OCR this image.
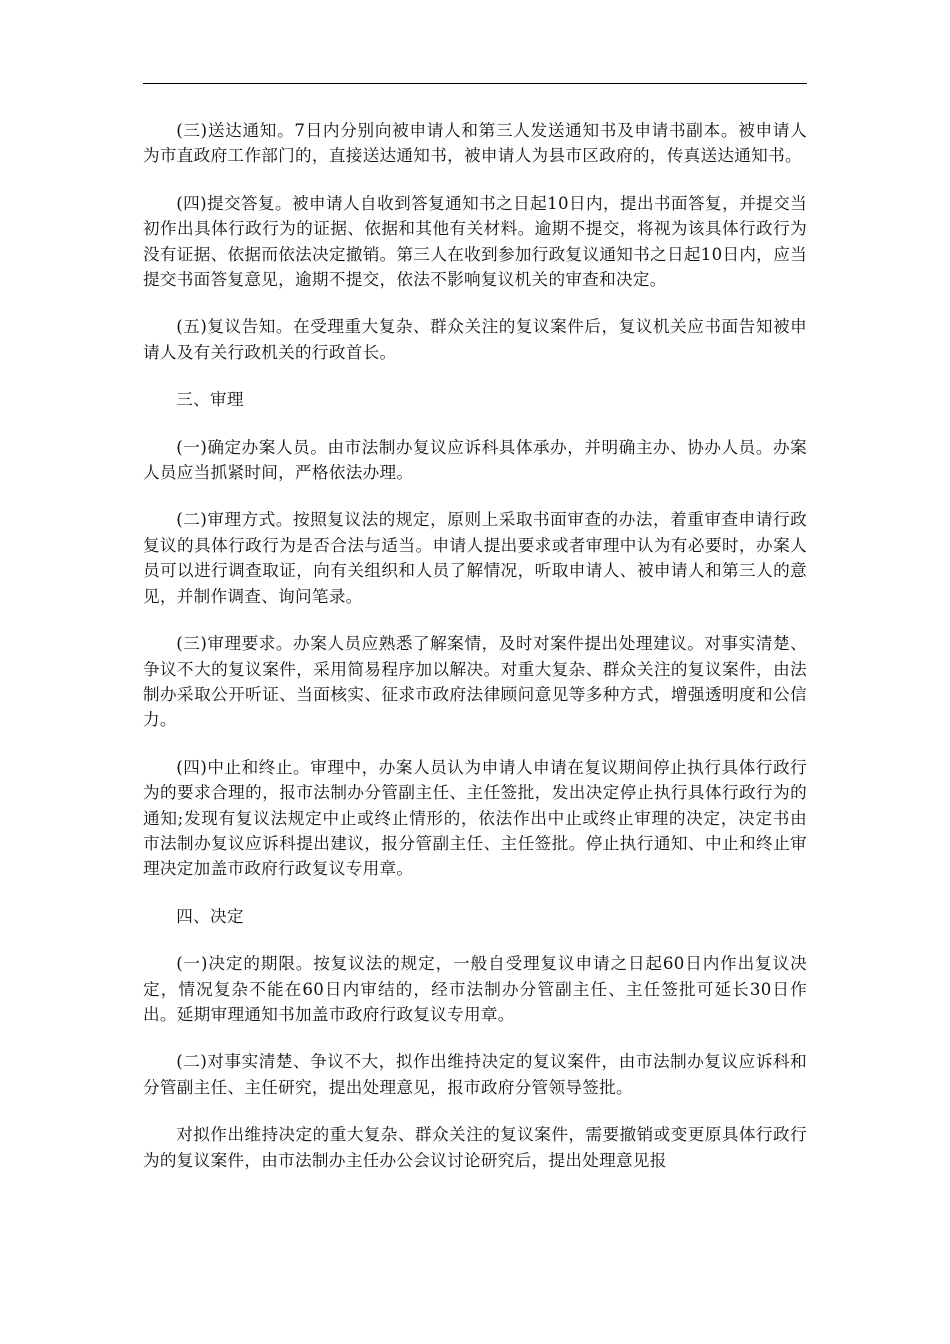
(三)送达通知。7日内分别向被申请人和第三人发送通知书及申请书副本。被申请人为市直政府工作部门的，直接送达通知书，被申请人为县市区政府的，传真送达通知书。

(四)提交答复。被申请人自收到答复通知书之日起10日内，提出书面答复，并提交当初作出具体行政行为的证据、依据和其他有关材料。逾期不提交，将视为该具体行政行为没有证据、依据而依法决定撤销。第三人在收到参加行政复议通知书之日起10日内，应当提交书面答复意见，逾期不提交，依法不影响复议机关的审查和决定。

(五)复议告知。在受理重大复杂、群众关注的复议案件后，复议机关应书面告知被申请人及有关行政机关的行政首长。

三、审理

(一)确定办案人员。由市法制办复议应诉科具体承办，并明确主办、协办人员。办案人员应当抓紧时间，严格依法办理。

(二)审理方式。按照复议法的规定，原则上采取书面审查的办法，着重审查申请行政复议的具体行政行为是否合法与适当。申请人提出要求或者审理中认为有必要时，办案人员可以进行调查取证，向有关组织和人员了解情况，听取申请人、被申请人和第三人的意见，并制作调查、询问笔录。

(三)审理要求。办案人员应熟悉了解案情，及时对案件提出处理建议。对事实清楚、争议不大的复议案件，采用简易程序加以解决。对重大复杂、群众关注的复议案件，由法制办采取公开听证、当面核实、征求市政府法律顾问意见等多种方式，增强透明度和公信力。

(四)中止和终止。审理中，办案人员认为申请人申请在复议期间停止执行具体行政行为的要求合理的，报市法制办分管副主任、主任签批，发出决定停止执行具体行政行为的通知;发现有复议法规定中止或终止情形的，依法作出中止或终止审理的决定，决定书由市法制办复议应诉科提出建议，报分管副主任、主任签批。停止执行通知、中止和终止审理决定加盖市政府行政复议专用章。

四、决定

(一)决定的期限。按复议法的规定，一般自受理复议申请之日起60日内作出复议决定，情况复杂不能在60日内审结的，经市法制办分管副主任、主任签批可延长30日作出。延期审理通知书加盖市政府行政复议专用章。

(二)对事实清楚、争议不大，拟作出维持决定的复议案件，由市法制办复议应诉科和分管副主任、主任研究，提出处理意见，报市政府分管领导签批。

对拟作出维持决定的重大复杂、群众关注的复议案件，需要撤销或变更原具体行政行为的复议案件，由市法制办主任办公会议讨论研究后，提出处理意见报
